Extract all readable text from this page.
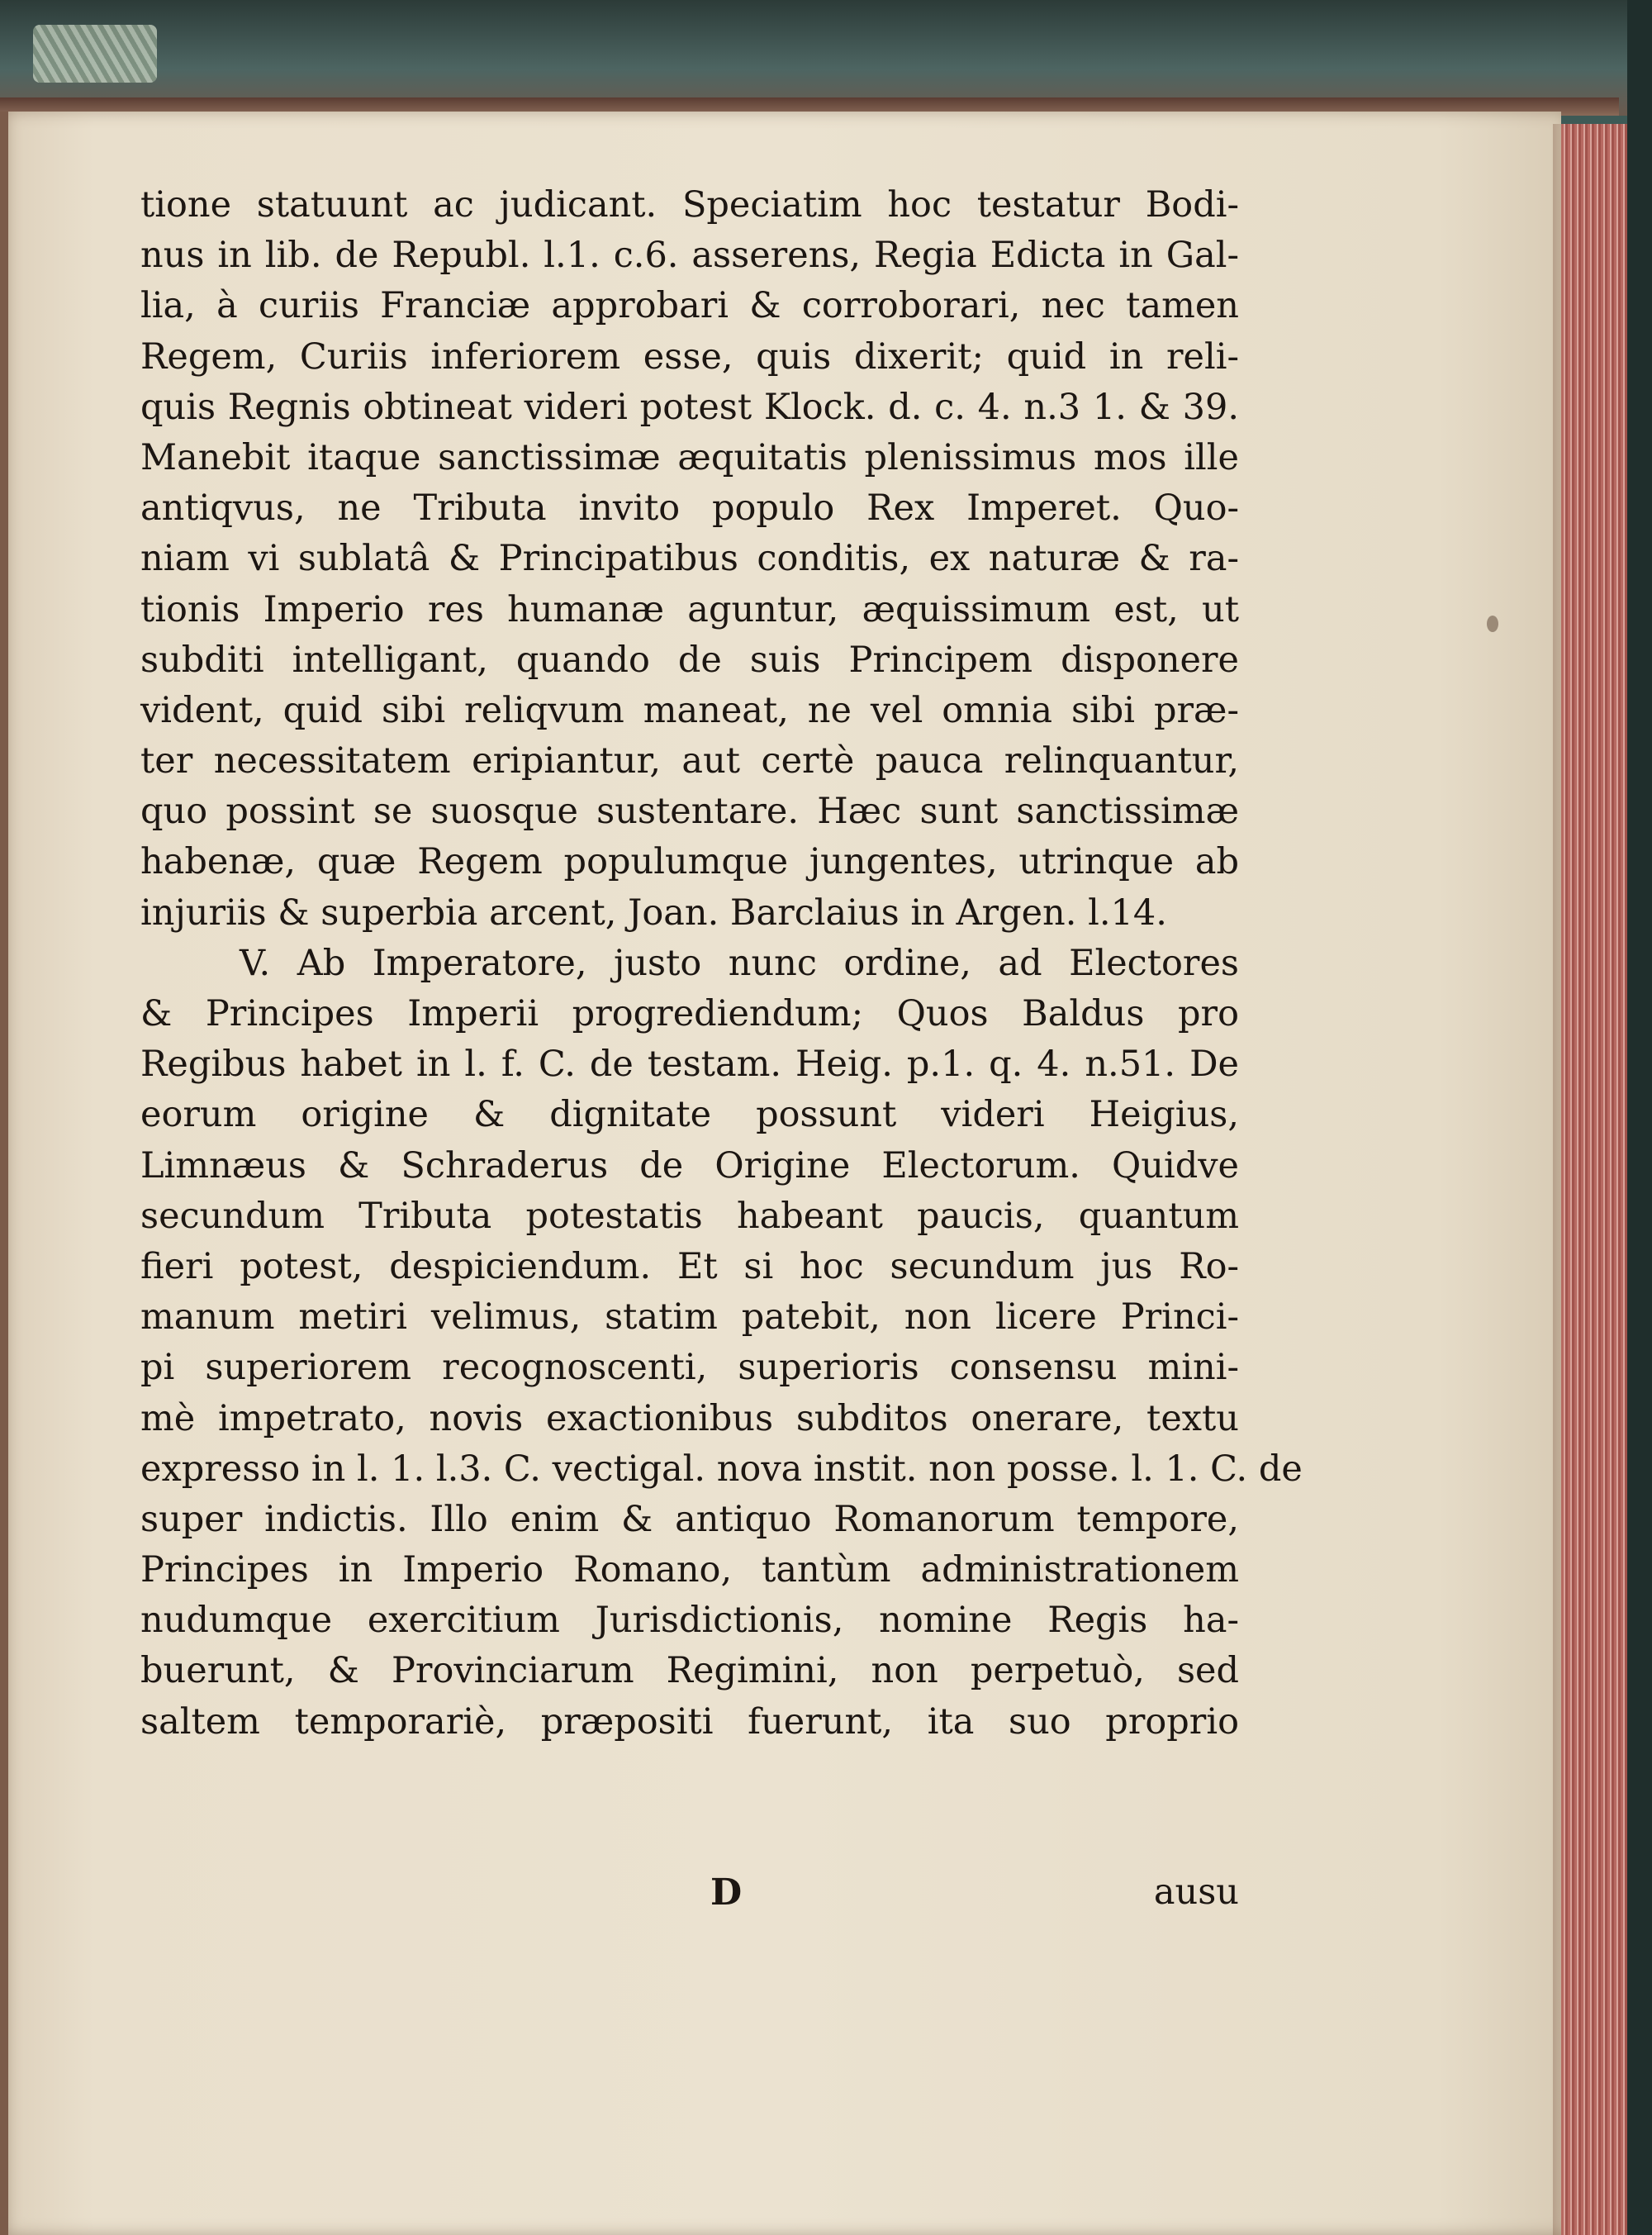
tione statuunt ac judicant. Speciatim hoc testatur Bodi-
nus in lib. de Republ. l.1. c.6. asserens, Regia Edicta in Gal-
lia, à curiis Franciæ approbari & corroborari, nec tamen
Regem, Curiis inferiorem esse, quis dixerit; quid in reli-
quis Regnis obtineat videri potest Klock. d. c. 4. n.3 1. & 39.
Manebit itaque sanctissimæ æquitatis plenissimus mos ille
antiqvus, ne Tributa invito populo Rex Imperet. Quo-
niam vi sublatâ & Principatibus conditis, ex naturæ & ra-
tionis Imperio res humanæ aguntur, æquissimum est, ut
subditi intelligant, quando de suis Principem disponere
vident, quid sibi reliqvum maneat, ne vel omnia sibi præ-
ter necessitatem eripiantur, aut certè pauca relinquantur,
quo possint se suosque sustentare. Hæc sunt sanctissimæ
habenæ, quæ Regem populumque jungentes, utrinque ab
injuriis & superbia arcent, Joan. Barclaius in Argen. l.14.
V. Ab Imperatore, justo nunc ordine, ad Electores
& Principes Imperii progrediendum; Quos Baldus pro
Regibus habet in l. f. C. de testam. Heig. p.1. q. 4. n.51. De
eorum origine & dignitate possunt videri Heigius,
Limnæus & Schraderus de Origine Electorum. Quidve
secundum Tributa potestatis habeant paucis, quantum
fieri potest, despiciendum. Et si hoc secundum jus Ro-
manum metiri velimus, statim patebit, non licere Princi-
pi superiorem recognoscenti, superioris consensu mini-
mè impetrato, novis exactionibus subditos onerare, textu
expresso in l. 1. l.3. C. vectigal. nova instit. non posse. l. 1. C. de
super indictis. Illo enim & antiquo Romanorum tempore,
Principes in Imperio Romano, tantùm administrationem
nudumque exercitium Jurisdictionis, nomine Regis ha-
buerunt, & Provinciarum Regimini, non perpetuò, sed
saltem temporariè, præpositi fuerunt, ita suo proprio
D	ausu
